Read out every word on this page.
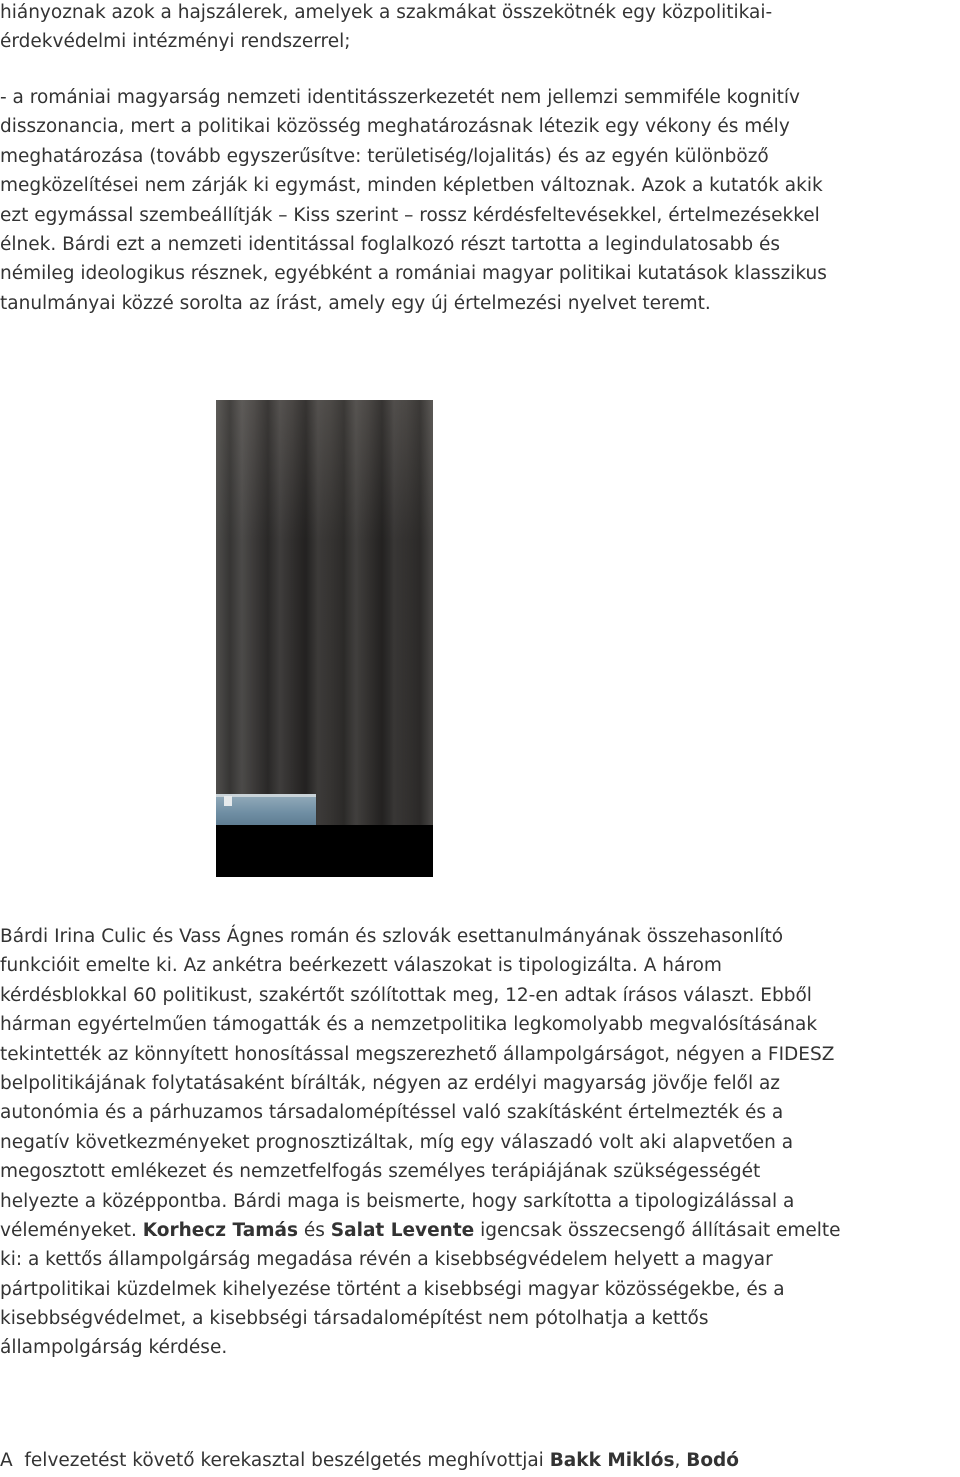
hiányoznak azok a hajszálerek, amelyek a szakmákat összekötnék egy közpolitikai-
érdekvédelmi intézményi rendszerrel;
- a romániai magyarság nemzeti identitásszerkezetét nem jellemzi semmiféle kognitív
disszonancia, mert a politikai közösség meghatározásnak létezik egy vékony és mély
meghatározása (tovább egyszerűsítve: területiség/lojalitás) és az egyén különböző
megközelítései nem zárják ki egymást, minden képletben változnak. Azok a kutatók akik
ezt egymással szembeállítják – Kiss szerint – rossz kérdésfeltevésekkel, értelmezésekkel
élnek. Bárdi ezt a nemzeti identitással foglalkozó részt tartotta a legindulatosabb és
némileg ideologikus résznek, egyébként a romániai magyar politikai kutatások klasszikus
tanulmányai közzé sorolta az írást, amely egy új értelmezési nyelvet teremt.
Bárdi Irina Culic és Vass Ágnes román és szlovák esettanulmányának összehasonlító
funkcióit emelte ki. Az ankétra beérkezett válaszokat is tipologizálta. A három
kérdésblokkal 60 politikust, szakértőt szólítottak meg, 12-en adtak írásos választ. Ebből
hárman egyértelműen támogatták és a nemzetpolitika legkomolyabb megvalósításának
tekintették az könnyített honosítással megszerezhető állampolgárságot, négyen a FIDESZ
belpolitikájának folytatásaként bírálták, négyen az erdélyi magyarság jövője felől az
autonómia és a párhuzamos társadalomépítéssel való szakításként értelmezték és a
negatív következményeket prognosztizáltak, míg egy válaszadó volt aki alapvetően a
megosztott emlékezet és nemzetfelfogás személyes terápiájának szükségességét
helyezte a középpontba. Bárdi maga is beismerte, hogy sarkította a tipologizálással a
véleményeket. Korhecz Tamás és Salat Levente igencsak összecsengő állításait emelte
ki: a kettős állampolgárság megadása révén a kisebbségvédelem helyett a magyar
pártpolitikai küzdelmek kihelyezése történt a kisebbségi magyar közösségekbe, és a
kisebbségvédelmet, a kisebbségi társadalomépítést nem pótolhatja a kettős
állampolgárság kérdése.
A  felvezetést követő kerekasztal beszélgetés meghívottjai Bakk Miklós, Bodó
